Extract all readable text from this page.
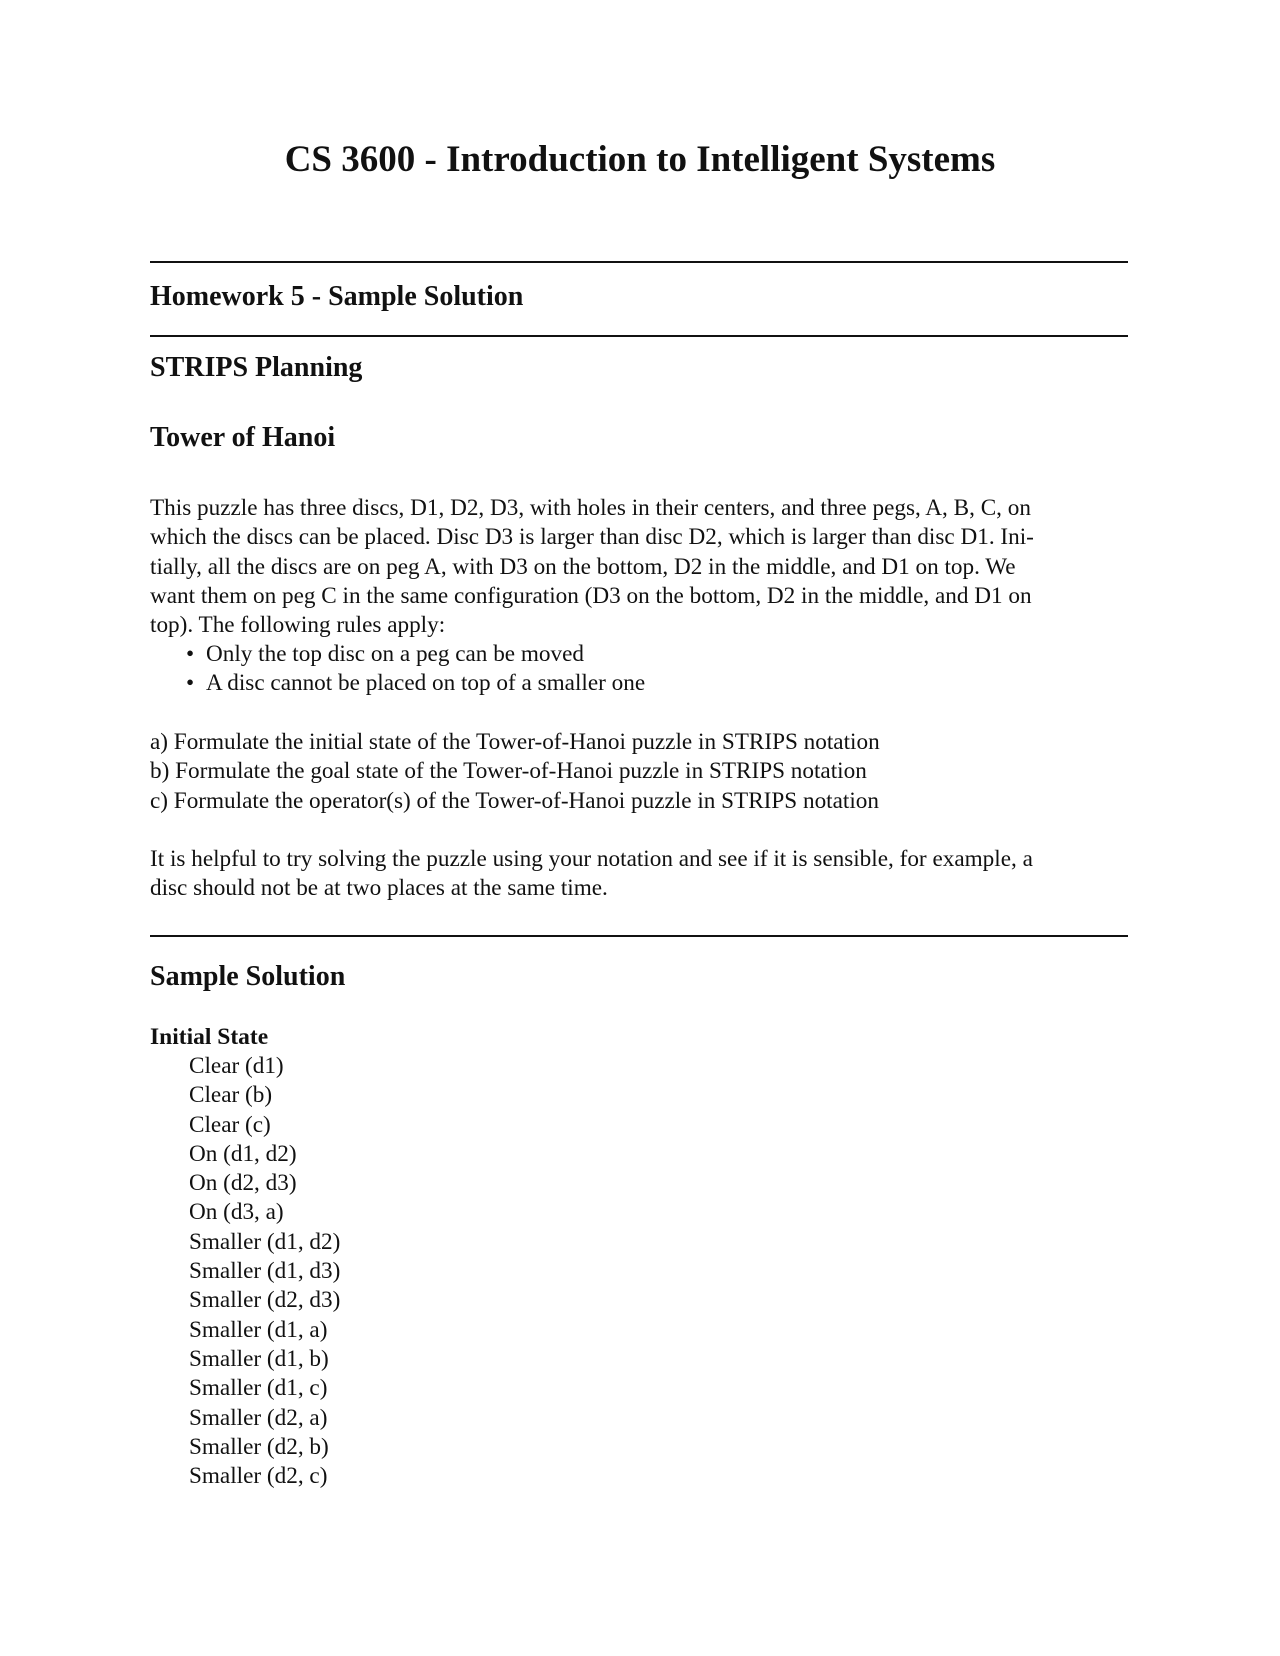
CS 3600 - Introduction to Intelligent Systems
Homework 5 - Sample Solution
STRIPS Planning
Tower of Hanoi
This puzzle has three discs, D1, D2, D3, with holes in their centers, and three pegs, A, B, C, on
which the discs can be placed. Disc D3 is larger than disc D2, which is larger than disc D1. Ini-
tially, all the discs are on peg A, with D3 on the bottom, D2 in the middle, and D1 on top. We
want them on peg C in the same configuration (D3 on the bottom, D2 in the middle, and D1 on
top). The following rules apply:
• Only the top disc on a peg can be moved
• A disc cannot be placed on top of a smaller one
a) Formulate the initial state of the Tower-of-Hanoi puzzle in STRIPS notation
b) Formulate the goal state of the Tower-of-Hanoi puzzle in STRIPS notation
c) Formulate the operator(s) of the Tower-of-Hanoi puzzle in STRIPS notation
It is helpful to try solving the puzzle using your notation and see if it is sensible, for example, a
disc should not be at two places at the same time.
Sample Solution
Initial State
Clear (d1)
Clear (b)
Clear (c)
On (d1, d2)
On (d2, d3)
On (d3, a)
Smaller (d1, d2)
Smaller (d1, d3)
Smaller (d2, d3)
Smaller (d1, a)
Smaller (d1, b)
Smaller (d1, c)
Smaller (d2, a)
Smaller (d2, b)
Smaller (d2, c)
